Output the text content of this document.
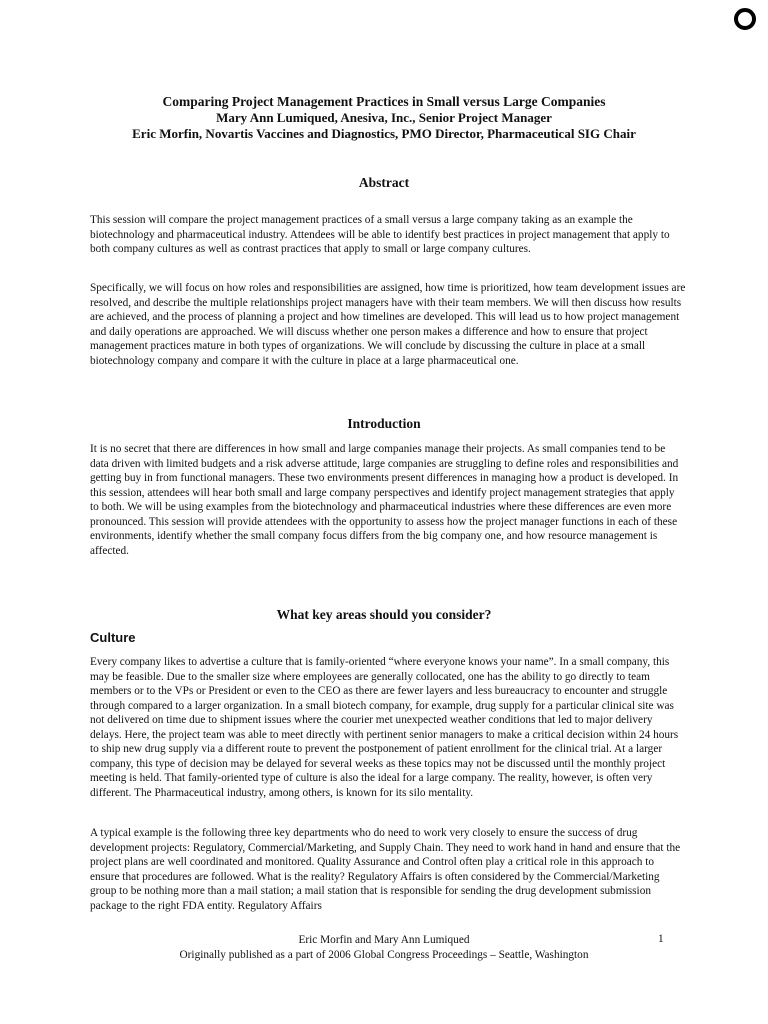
Comparing Project Management Practices in Small versus Large Companies
Mary Ann Lumiqued, Anesiva, Inc., Senior Project Manager
Eric Morfin, Novartis Vaccines and Diagnostics, PMO Director, Pharmaceutical SIG Chair
Abstract

This session will compare the project management practices of a small versus a large company taking as an example the biotechnology and pharmaceutical industry. Attendees will be able to identify best practices in project management that apply to both company cultures as well as contrast practices that apply to small or large company cultures.

Specifically, we will focus on how roles and responsibilities are assigned, how time is prioritized, how team development issues are resolved, and describe the multiple relationships project managers have with their team members. We will then discuss how results are achieved, and the process of planning a project and how timelines are developed. This will lead us to how project management and daily operations are approached. We will discuss whether one person makes a difference and how to ensure that project management practices mature in both types of organizations. We will conclude by discussing the culture in place at a small biotechnology company and compare it with the culture in place at a large pharmaceutical one.

Introduction

It is no secret that there are differences in how small and large companies manage their projects. As small companies tend to be data driven with limited budgets and a risk adverse attitude, large companies are struggling to define roles and responsibilities and getting buy in from functional managers. These two environments present differences in managing how a product is developed. In this session, attendees will hear both small and large company perspectives and identify project management strategies that apply to both. We will be using examples from the biotechnology and pharmaceutical industries where these differences are even more pronounced. This session will provide attendees with the opportunity to assess how the project manager functions in each of these environments, identify whether the small company focus differs from the big company one, and how resource management is affected.

What key areas should you consider?
Culture

Every company likes to advertise a culture that is family-oriented “where everyone knows your name”. In a small company, this may be feasible. Due to the smaller size where employees are generally collocated, one has the ability to go directly to team members or to the VPs or President or even to the CEO as there are fewer layers and less bureaucracy to encounter and struggle through compared to a larger organization. In a small biotech company, for example, drug supply for a particular clinical site was not delivered on time due to shipment issues where the courier met unexpected weather conditions that led to major delivery delays. Here, the project team was able to meet directly with pertinent senior managers to make a critical decision within 24 hours to ship new drug supply via a different route to prevent the postponement of patient enrollment for the clinical trial. At a larger company, this type of decision may be delayed for several weeks as these topics may not be discussed until the monthly project meeting is held. That family-oriented type of culture is also the ideal for a large company. The reality, however, is often very different. The Pharmaceutical industry, among others, is known for its silo mentality.

A typical example is the following three key departments who do need to work very closely to ensure the success of drug development projects: Regulatory, Commercial/Marketing, and Supply Chain. They need to work hand in hand and ensure that the project plans are well coordinated and monitored. Quality Assurance and Control often play a critical role in this approach to ensure that procedures are followed. What is the reality? Regulatory Affairs is often considered by the Commercial/Marketing group to be nothing more than a mail station; a mail station that is responsible for sending the drug development submission package to the right FDA entity. Regulatory Affairs

Eric Morfin and Mary Ann Lumiqued
Originally published as a part of 2006 Global Congress Proceedings – Seattle, Washington
1
